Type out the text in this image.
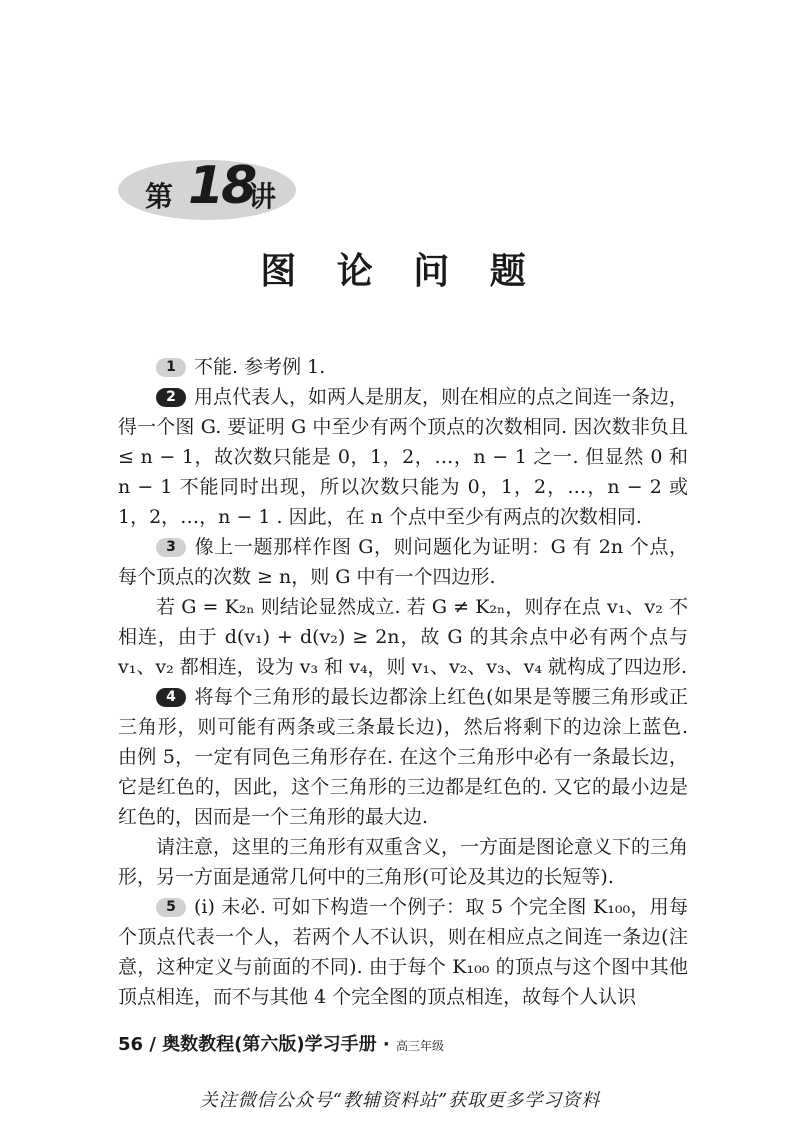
第 18
讲
图 论 问 题

1 不能. 参考例 1.

2 用点代表人，如两人是朋友，则在相应的点之间连一条边，得一个图 G. 要证明 G 中至少有两个顶点的次数相同. 因次数非负且 ≤ n − 1，故次数只能是 0，1，2，…，n − 1 之一. 但显然 0 和 n − 1 不能同时出现，所以次数只能为 0，1，2，…，n − 2 或 1，2，…，n − 1 . 因此，在 n 个点中至少有两点的次数相同.

3 像上一题那样作图 G，则问题化为证明：G 有 2n 个点，每个顶点的次数 ≥ n，则 G 中有一个四边形.

若 G = K₂ₙ 则结论显然成立. 若 G ≠ K₂ₙ，则存在点 v₁、v₂ 不相连，由于 d(v₁) + d(v₂) ≥ 2n，故 G 的其余点中必有两个点与 v₁、v₂ 都相连，设为 v₃ 和 v₄，则 v₁、v₂、v₃、v₄ 就构成了四边形.

4 将每个三角形的最长边都涂上红色(如果是等腰三角形或正三角形，则可能有两条或三条最长边)，然后将剩下的边涂上蓝色. 由例 5，一定有同色三角形存在. 在这个三角形中必有一条最长边，它是红色的，因此，这个三角形的三边都是红色的. 又它的最小边是红色的，因而是一个三角形的最大边.

请注意，这里的三角形有双重含义，一方面是图论意义下的三角形，另一方面是通常几何中的三角形(可论及其边的长短等).

5 (i) 未必. 可如下构造一个例子：取 5 个完全图 K₁₀₀，用每个顶点代表一个人，若两个人不认识，则在相应点之间连一条边(注意，这种定义与前面的不同). 由于每个 K₁₀₀ 的顶点与这个图中其他顶点相连，而不与其他 4 个完全图的顶点相连，故每个人认识

56 / 奥数教程(第六版)学习手册 · 高三年级
关注微信公众号“教辅资料站”获取更多学习资料
